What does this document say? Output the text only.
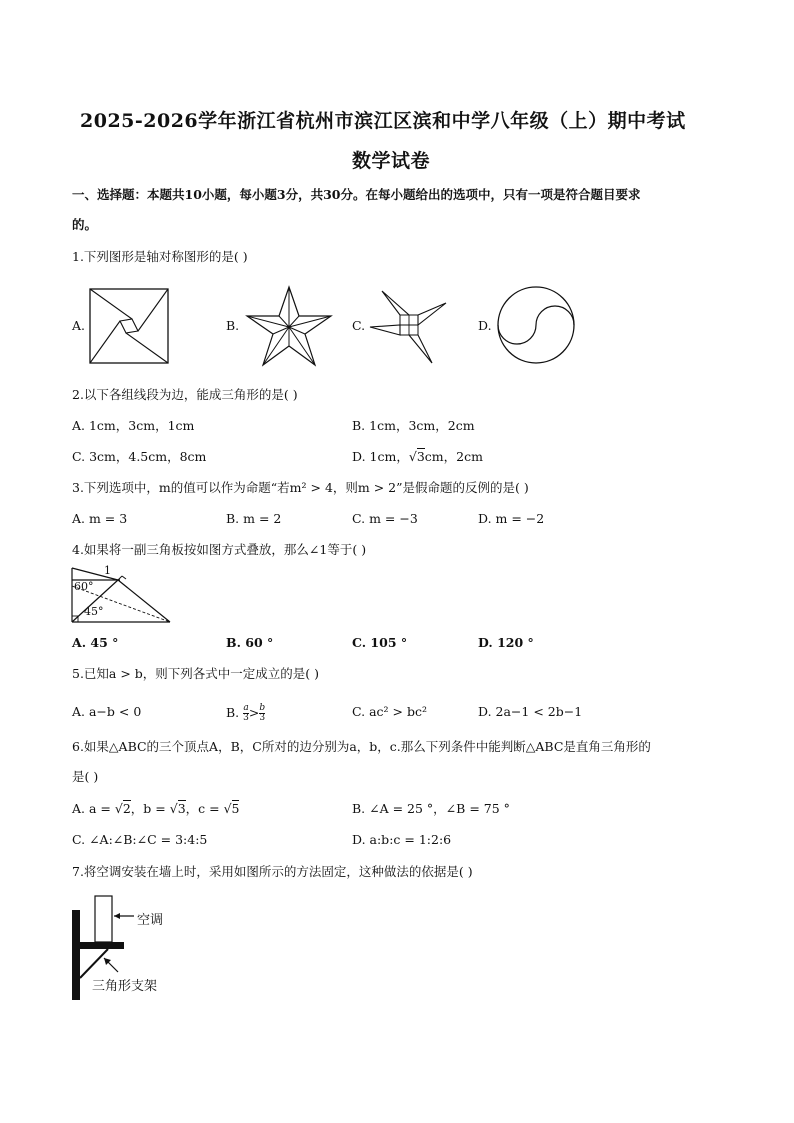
2025-2026学年浙江省杭州市滨江区滨和中学八年级（上）期中考试
数学试卷
一、选择题：本题共10小题，每小题3分，共30分。在每小题给出的选项中，只有一项是符合题目要求
的。
1.下列图形是轴对称图形的是( )
A.	B.	C.	D.
2.以下各组线段为边，能成三角形的是( )
A. 1cm，3cm，1cm	B. 1cm，3cm，2cm
C. 3cm，4.5cm，8cm	D. 1cm，√3cm，2cm
3.下列选项中，m的值可以作为命题“若m² > 4，则m > 2”是假命题的反例的是( )
A. m = 3	B. m = 2	C. m = −3	D. m = −2
4.如果将一副三角板按如图方式叠放，那么∠1等于( )
1
60°
45°
A. 45 °	B. 60 °	C. 105 °	D. 120 °
5.已知a > b，则下列各式中一定成立的是( )
A. a−b < 0	B. $\frac{a}{3} > \frac{b}{3}$	C. ac² > bc²	D. 2a−1 < 2b−1
6.如果△ABC的三个顶点A，B，C所对的边分别为a，b，c.那么下列条件中能判断△ABC是直角三角形的
是( )
A. a = √2，b = √3，c = √5	B. ∠A = 25 °，∠B = 75 °
C. ∠A:∠B:∠C = 3:4:5	D. a:b:c = 1:2:6
7.将空调安装在墙上时，采用如图所示的方法固定，这种做法的依据是( )
空调
三角形支架
